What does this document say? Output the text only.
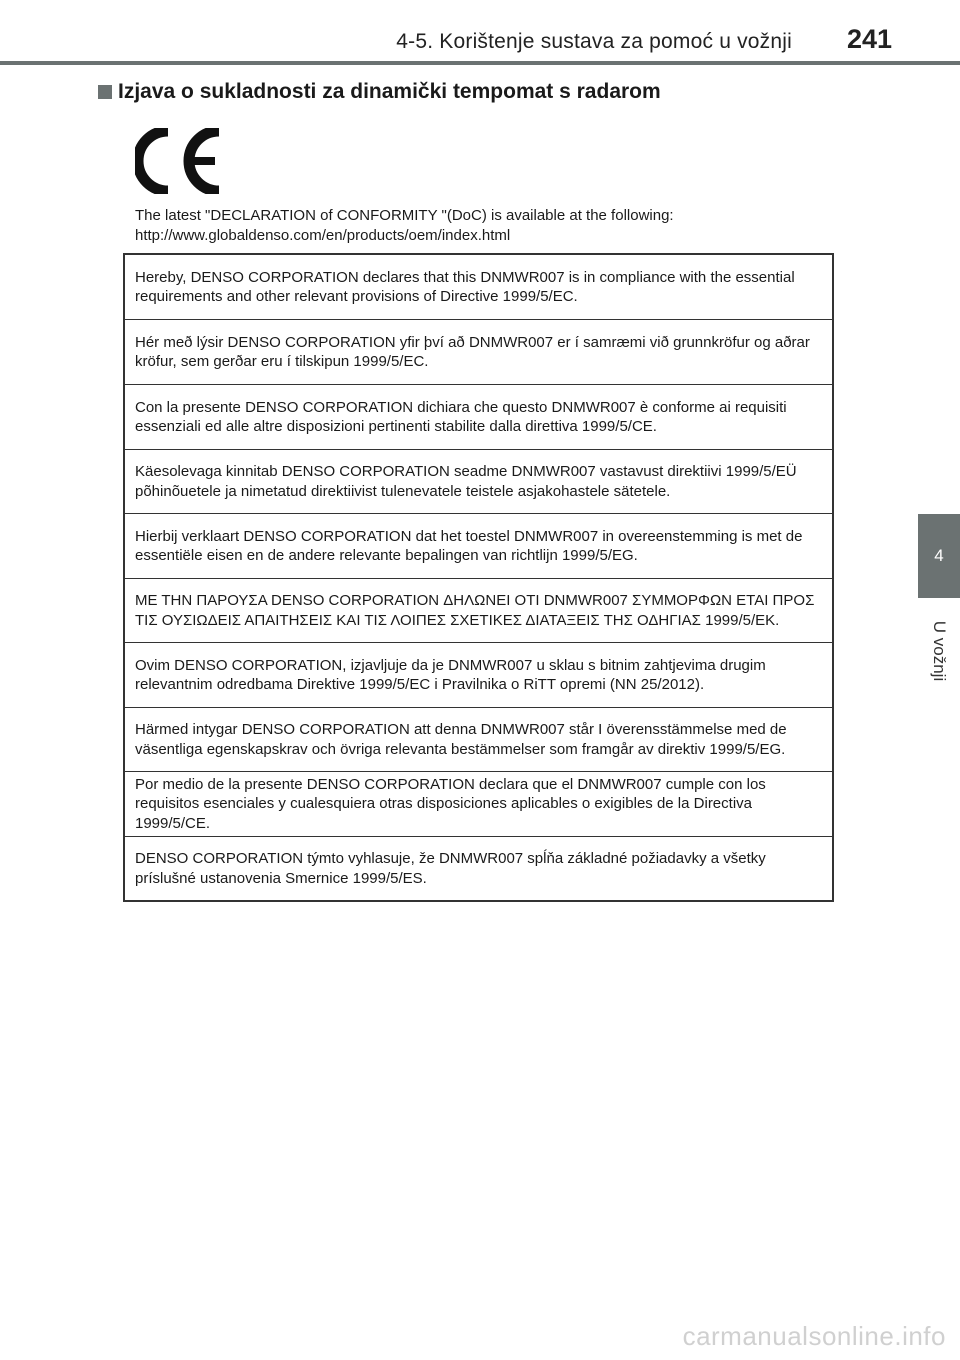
4-5. Korištenje sustava za pomoć u vožnji 241
4
U vožnji
Izjava o sukladnosti za dinamički tempomat s radarom
The latest "DECLARATION of CONFORMITY "(DoC) is available at the following:
http://www.globaldenso.com/en/products/oem/index.html
Hereby, DENSO CORPORATION declares that this DNMWR007 is in compliance with the essential requirements and other relevant provisions of Directive 1999/5/EC.
Hér með lýsir DENSO CORPORATION yfir því að DNMWR007 er í samræmi við grunnkröfur og aðrar kröfur, sem gerðar eru í tilskipun 1999/5/EC.
Con la presente DENSO CORPORATION dichiara che questo DNMWR007 è conforme ai requisiti essenziali ed alle altre disposizioni pertinenti stabilite dalla direttiva 1999/5/CE.
Käesolevaga kinnitab DENSO CORPORATION seadme DNMWR007 vastavust direktiivi 1999/5/EÜ põhinõuetele ja nimetatud direktiivist tulenevatele teistele asjakohastele sätetele.
Hierbij verklaart DENSO CORPORATION dat het toestel DNMWR007 in overeenstemming is met de essentiële eisen en de andere relevante bepalingen van richtlijn 1999/5/EG.
ΜΕ ΤΗΝ ΠΑΡΟΥΣΑ DENSO CORPORATION ΔΗΛΩΝΕΙ ΟΤΙ DNMWR007 ΣΥΜΜΟΡΦΩΝ ΕΤΑΙ ΠΡΟΣ ΤΙΣ ΟΥΣΙΩΔΕΙΣ ΑΠΑΙΤΗΣΕΙΣ ΚΑΙ ΤΙΣ ΛΟΙΠΕΣ ΣΧΕΤΙΚΕΣ ΔΙΑΤΑΞΕΙΣ ΤΗΣ ΟΔΗΓΙΑΣ 1999/5/ΕΚ.
Ovim DENSO CORPORATION, izjavljuje da je DNMWR007 u sklau s bitnim zahtjevima drugim relevantnim odredbama Direktive 1999/5/EC i Pravilnika o RiTT opremi (NN 25/2012).
Härmed intygar DENSO CORPORATION att denna DNMWR007 står I överensstämmelse med de väsentliga egenskapskrav och övriga relevanta bestämmelser som framgår av direktiv 1999/5/EG.
Por medio de la presente DENSO CORPORATION declara que el DNMWR007 cumple con los requisitos esenciales y cualesquiera otras disposiciones aplicables o exigibles de la Directiva 1999/5/CE.
DENSO CORPORATION týmto vyhlasuje, že DNMWR007 spĺňa základné požiadavky a všetky príslušné ustanovenia Smernice 1999/5/ES.
carmanualsonline.info
